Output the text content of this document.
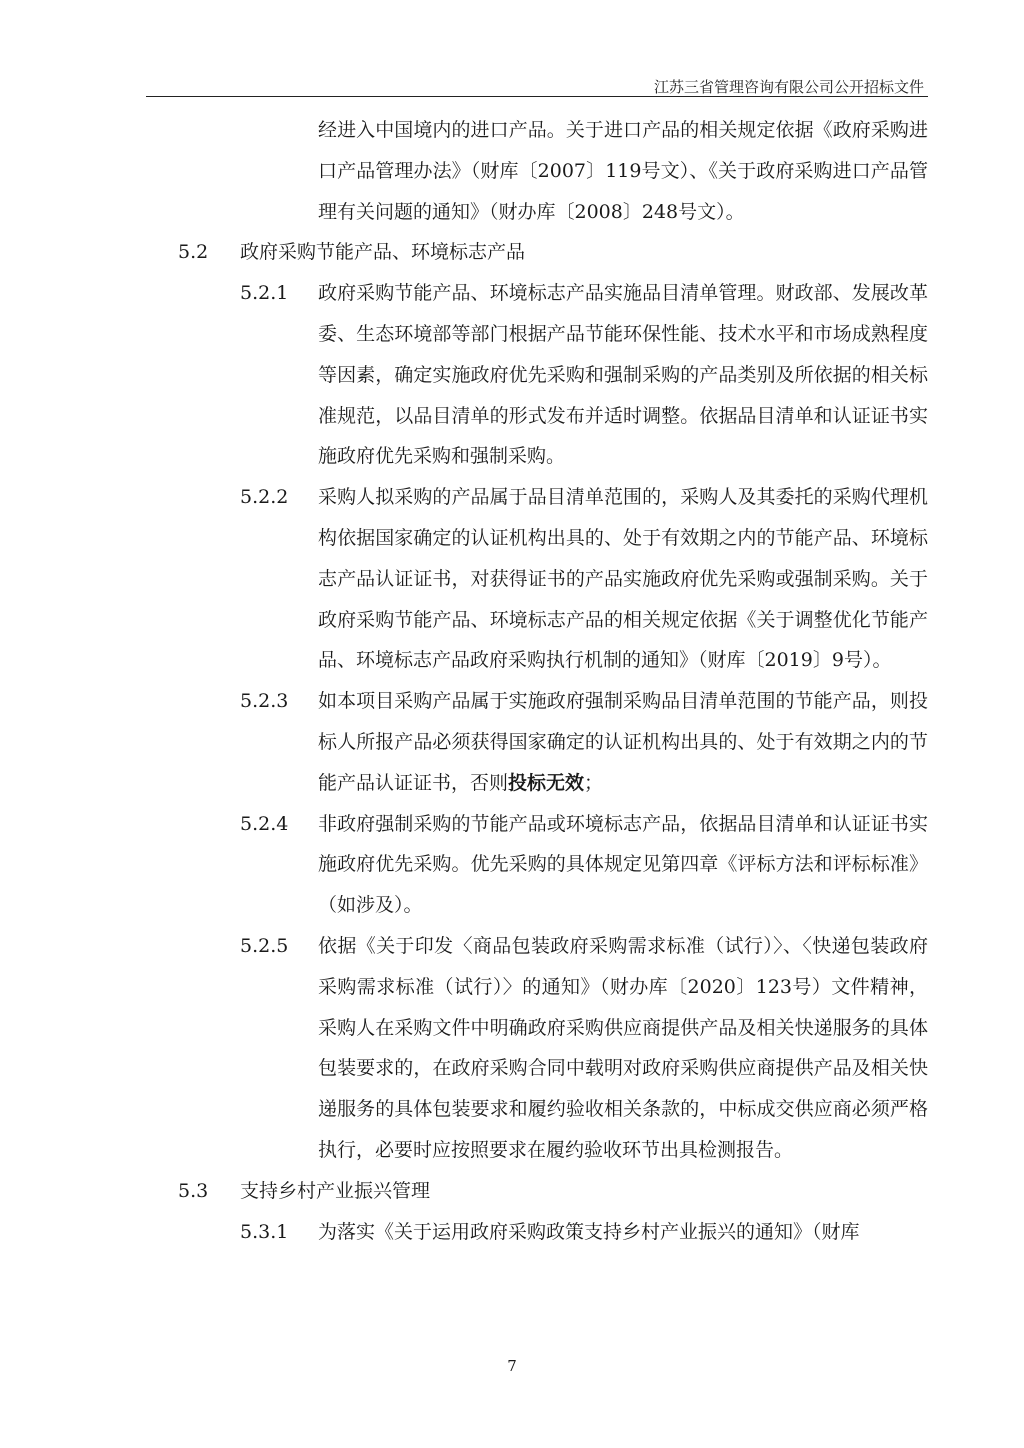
江苏三省管理咨询有限公司公开招标文件
经进入中国境内的进口产品。关于进口产品的相关规定依据《政府采购进口产品管理办法》（财库〔2007〕119号文）、《关于政府采购进口产品管理有关问题的通知》（财办库〔2008〕248号文）。
5.2 政府采购节能产品、环境标志产品
5.2.1 政府采购节能产品、环境标志产品实施品目清单管理。财政部、发展改革委、生态环境部等部门根据产品节能环保性能、技术水平和市场成熟程度等因素，确定实施政府优先采购和强制采购的产品类别及所依据的相关标准规范，以品目清单的形式发布并适时调整。依据品目清单和认证证书实施政府优先采购和强制采购。
5.2.2 采购人拟采购的产品属于品目清单范围的，采购人及其委托的采购代理机构依据国家确定的认证机构出具的、处于有效期之内的节能产品、环境标志产品认证证书，对获得证书的产品实施政府优先采购或强制采购。关于政府采购节能产品、环境标志产品的相关规定依据《关于调整优化节能产品、环境标志产品政府采购执行机制的通知》（财库〔2019〕9号）。
5.2.3 如本项目采购产品属于实施政府强制采购品目清单范围的节能产品，则投标人所报产品必须获得国家确定的认证机构出具的、处于有效期之内的节能产品认证证书，否则投标无效；
5.2.4 非政府强制采购的节能产品或环境标志产品，依据品目清单和认证证书实施政府优先采购。优先采购的具体规定见第四章《评标方法和评标标准》（如涉及）。
5.2.5 依据《关于印发〈商品包装政府采购需求标准（试行）〉、〈快递包装政府采购需求标准（试行）〉的通知》（财办库〔2020〕123号）文件精神，采购人在采购文件中明确政府采购供应商提供产品及相关快递服务的具体包装要求的，在政府采购合同中载明对政府采购供应商提供产品及相关快递服务的具体包装要求和履约验收相关条款的，中标成交供应商必须严格执行，必要时应按照要求在履约验收环节出具检测报告。
5.3 支持乡村产业振兴管理
5.3.1 为落实《关于运用政府采购政策支持乡村产业振兴的通知》（财库
7
